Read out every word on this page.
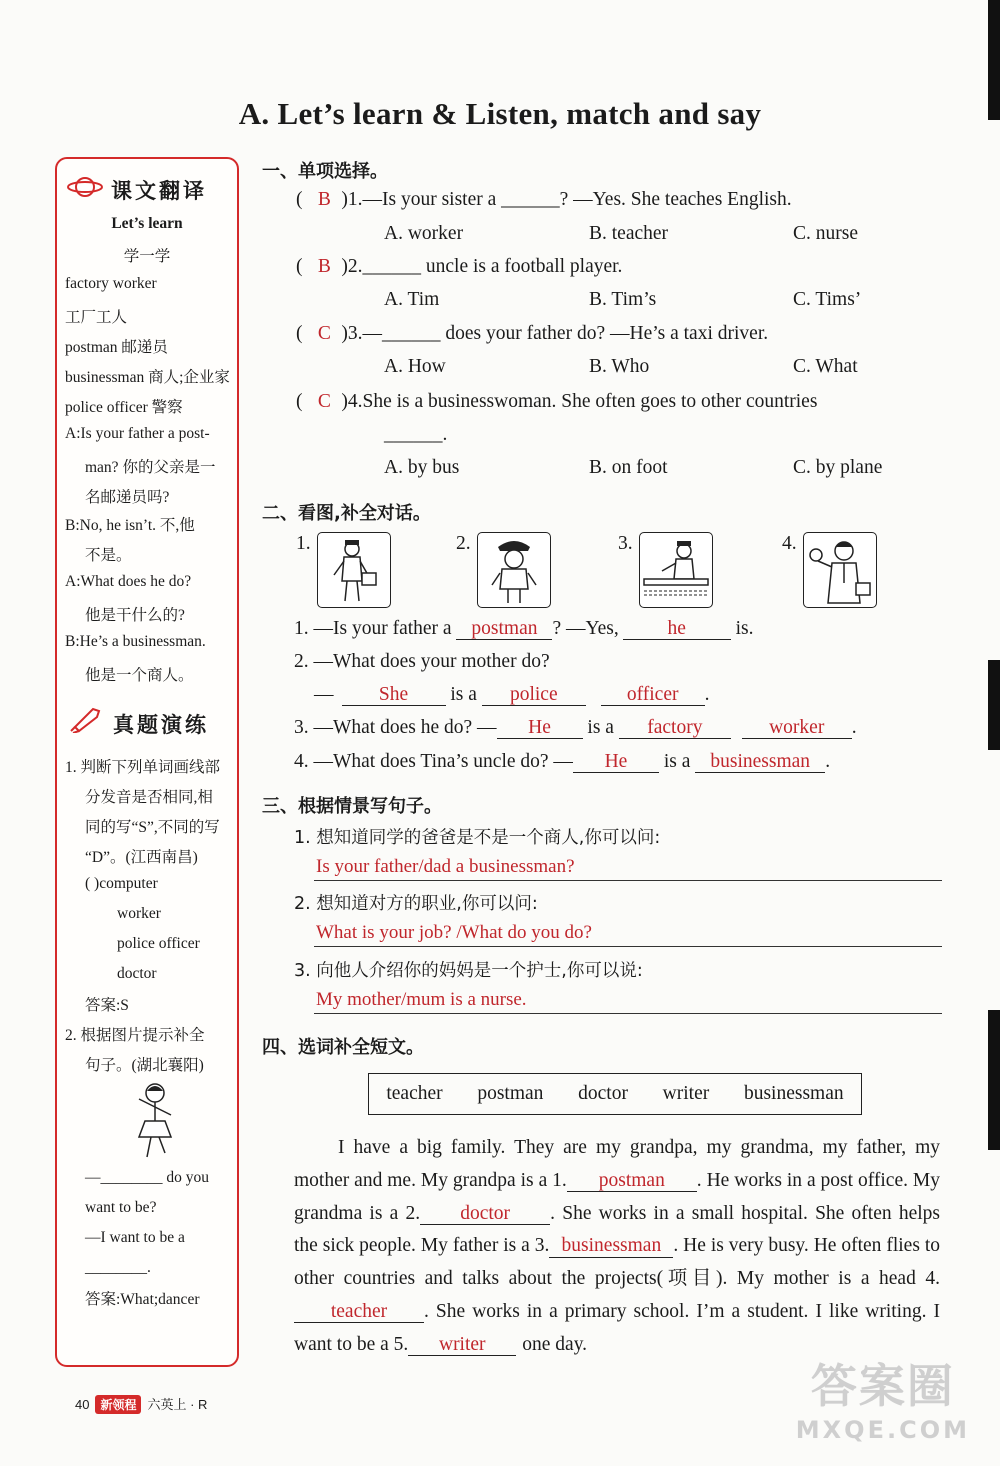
A. Let’s learn & Listen, match and say
课文翻译
Let’s learn
学一学
factory worker
工厂工人
postman 邮递员
businessman 商人;企业家
police officer 警察
A:Is your father a post-
man? 你的父亲是一
名邮递员吗?
B:No, he isn’t. 不,他
不是。
A:What does he do?
他是干什么的?
B:He’s a businessman.
他是一个商人。
真题演练
1. 判断下列单词画线部
分发音是否相同,相
同的写“S”,不同的写
“D”。(江西南昌)
( )computer
worker
police officer
doctor
答案:S
2. 根据图片提示补全
句子。(湖北襄阳)
—________ do you
want to be?
—I want to be a
________.
答案:What;dancer
一、单项选择。
( B )1.—Is your sister a ______? —Yes. She teaches English.
A. worker	B. teacher	C. nurse
( B )2.______ uncle is a football player.
A. Tim	B. Tim’s	C. Tims’
( C )3.—______ does your father do? —He’s a taxi driver.
A. How	B. Who	C. What
( C )4.She is a businesswoman. She often goes to other countries
______.
A. by bus	B. on foot	C. by plane
二、看图,补全对话。
1.	2.	3.	4.
1. —Is your father a postman ? —Yes,	he	is.
2. —What does your mother do?
— She is a police	officer .
3. —What does he do? — He is a factory	worker .
4. —What does Tina’s uncle do? — He is a businessman .
三、根据情景写句子。
1. 想知道同学的爸爸是不是一个商人,你可以问:
Is your father/dad a businessman?
2. 想知道对方的职业,你可以问:
What is your job? /What do you do?
3. 向他人介绍你的妈妈是一个护士,你可以说:
My mother/mum is a nurse.
四、选词补全短文。
teacher postman doctor writer businessman
I have a big family. They are my grandpa, my grandma, my father, my mother and me. My grandpa is a 1. postman . He works in a post office. My grandma is a 2. doctor . She works in a small hospital. She often helps the sick people. My father is a 3. businessman . He is very busy. He often flies to other countries and talks about the projects(项目). My mother is a head 4.teacher . She works in a primary school. I’m a student. I like writing. I want to be a 5. writer one day.
40 新领程 六英上 · R	答案圈
MXQE.COM
